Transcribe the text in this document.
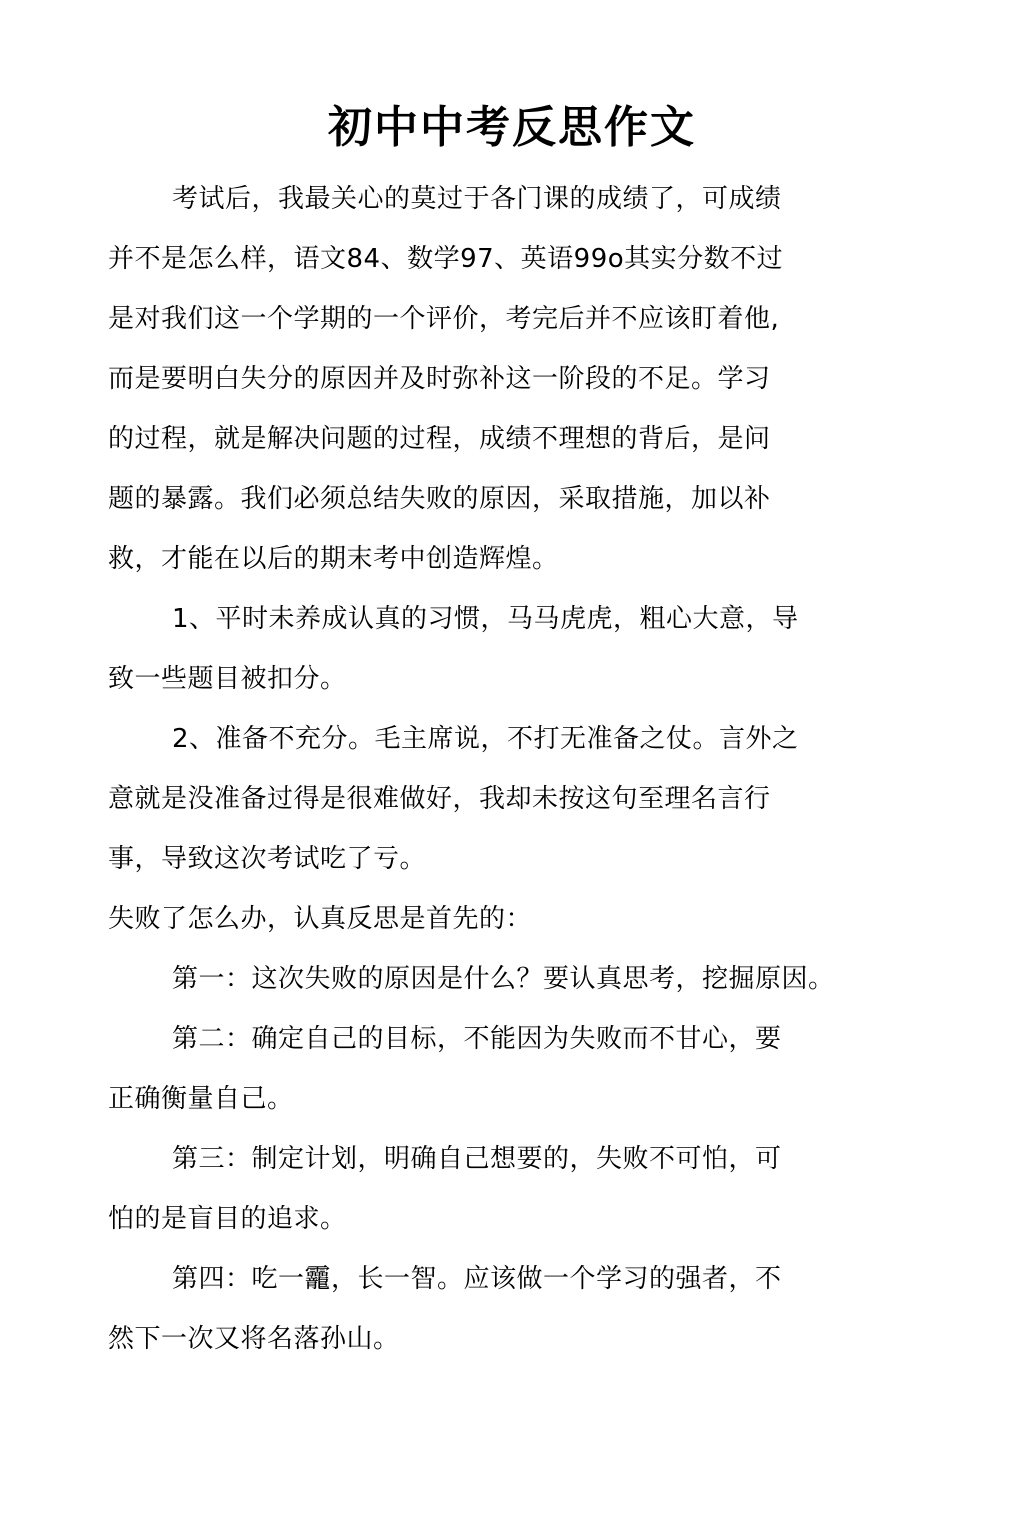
初中中考反思作文
考试后，我最关心的莫过于各门课的成绩了，可成绩
并不是怎么样，语文84、数学97、英语99o其实分数不过
是对我们这一个学期的一个评价，考完后并不应该盯着他,
而是要明白失分的原因并及时弥补这一阶段的不足。学习
的过程，就是解决问题的过程，成绩不理想的背后，是问
题的暴露。我们必须总结失败的原因，采取措施，加以补
救，才能在以后的期末考中创造辉煌。
1、平时未养成认真的习惯，马马虎虎，粗心大意，导
致一些题目被扣分。
2、准备不充分。毛主席说，不打无准备之仗。言外之
意就是没准备过得是很难做好，我却未按这句至理名言行
事，导致这次考试吃了亏。
失败了怎么办，认真反思是首先的：
第一：这次失败的原因是什么？要认真思考，挖掘原因。
第二：确定自己的目标，不能因为失败而不甘心，要
正确衡量自己。
第三：制定计划，明确自己想要的，失败不可怕，可
怕的是盲目的追求。
第四：吃一龗，长一智。应该做一个学习的强者，不
然下一次又将名落孙山。
